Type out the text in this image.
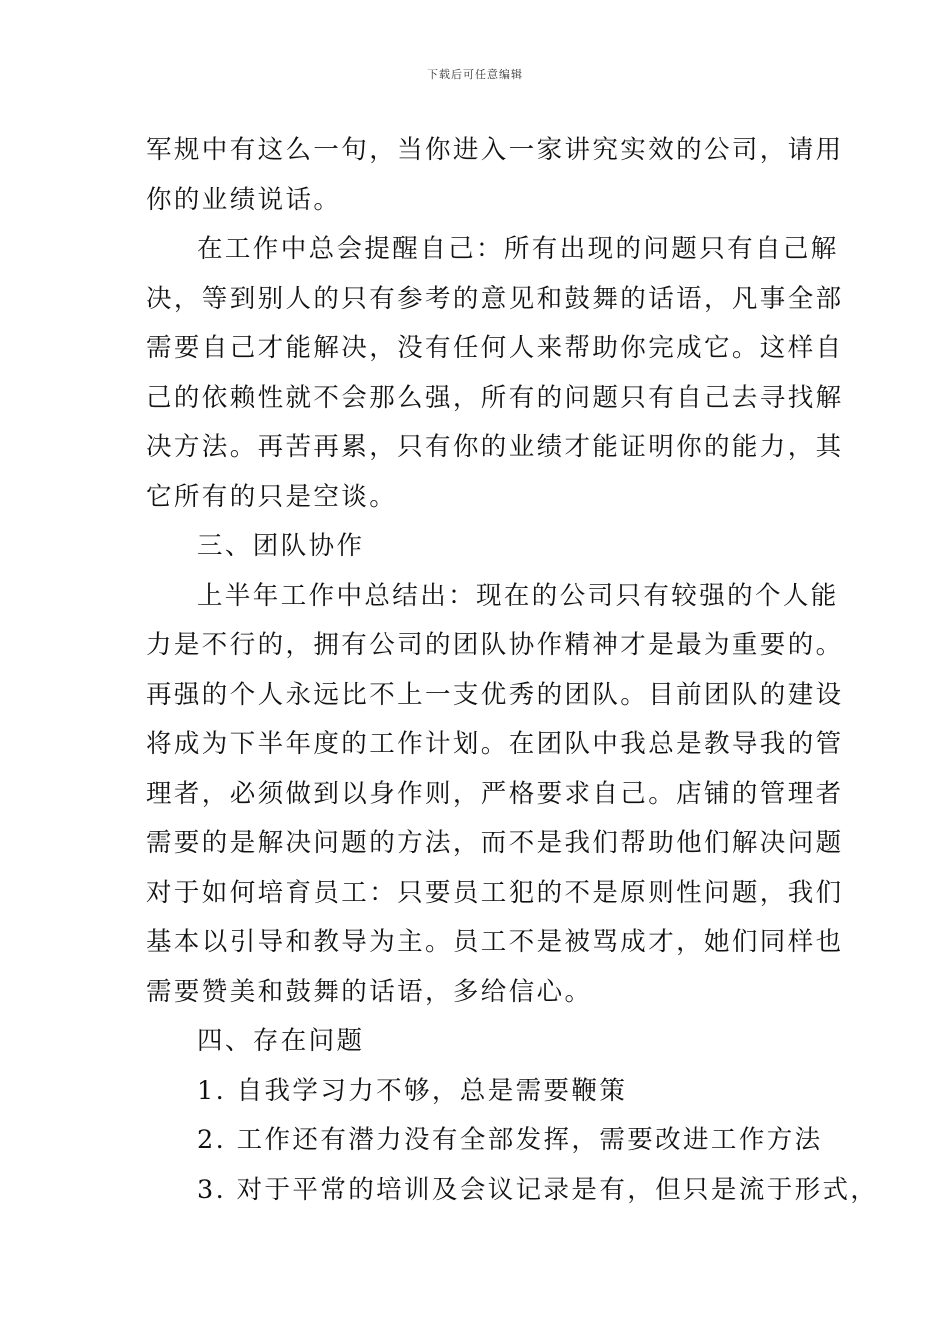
下载后可任意编辑
军规中有这么一句，当你进入一家讲究实效的公司，请用
你的业绩说话。
在工作中总会提醒自己：所有出现的问题只有自己解
决，等到别人的只有参考的意见和鼓舞的话语，凡事全部
需要自己才能解决，没有任何人来帮助你完成它。这样自
己的依赖性就不会那么强，所有的问题只有自己去寻找解
决方法。再苦再累，只有你的业绩才能证明你的能力，其
它所有的只是空谈。
三、团队协作
上半年工作中总结出：现在的公司只有较强的个人能
力是不行的，拥有公司的团队协作精神才是最为重要的。
再强的个人永远比不上一支优秀的团队。目前团队的建设
将成为下半年度的工作计划。在团队中我总是教导我的管
理者，必须做到以身作则，严格要求自己。店铺的管理者
需要的是解决问题的方法，而不是我们帮助他们解决问题
对于如何培育员工：只要员工犯的不是原则性问题，我们
基本以引导和教导为主。员工不是被骂成才，她们同样也
需要赞美和鼓舞的话语，多给信心。
四、存在问题
1. 自我学习力不够，总是需要鞭策
2. 工作还有潜力没有全部发挥，需要改进工作方法
3. 对于平常的培训及会议记录是有，但只是流于形式，
